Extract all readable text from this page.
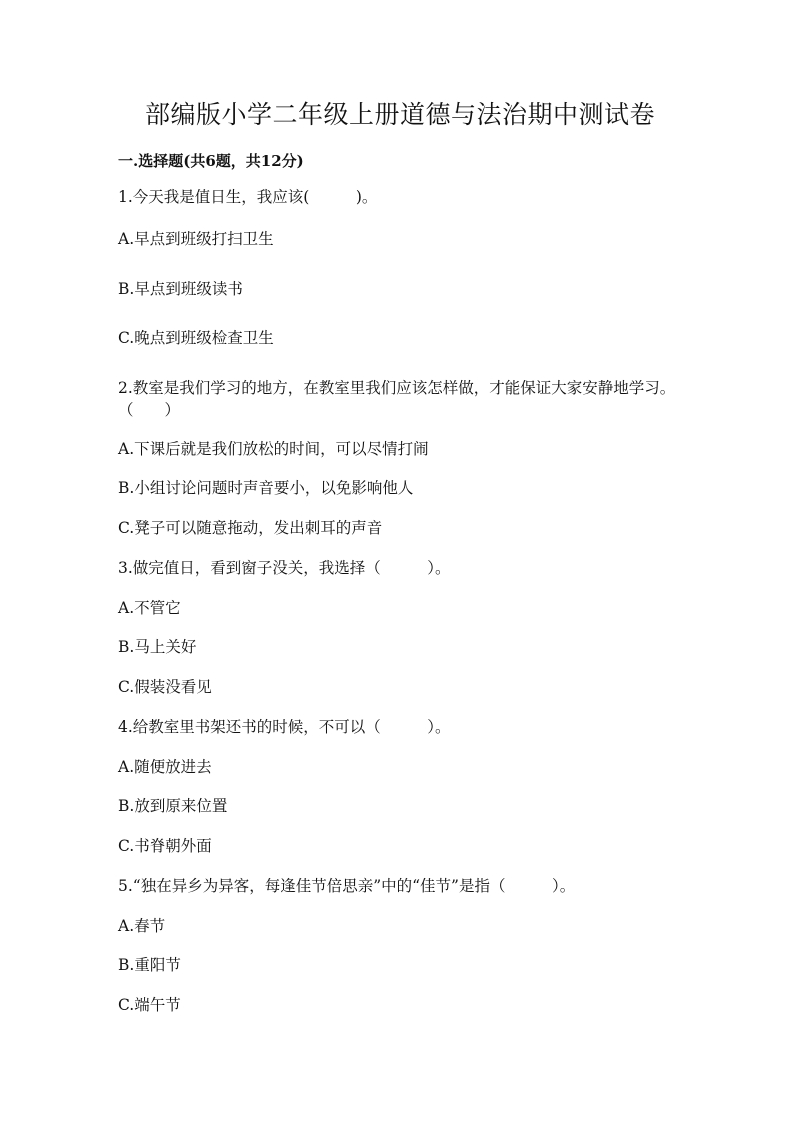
部编版小学二年级上册道德与法治期中测试卷
一.选择题(共6题，共12分)
1.今天我是值日生，我应该(　　　)。
A.早点到班级打扫卫生
B.早点到班级读书
C.晚点到班级检查卫生
2.教室是我们学习的地方，在教室里我们应该怎样做，才能保证大家安静地学习。（　　）
A.下课后就是我们放松的时间，可以尽情打闹
B.小组讨论问题时声音要小，以免影响他人
C.凳子可以随意拖动，发出刺耳的声音
3.做完值日，看到窗子没关，我选择（　　　）。
A.不管它
B.马上关好
C.假装没看见
4.给教室里书架还书的时候，不可以（　　　）。
A.随便放进去
B.放到原来位置
C.书脊朝外面
5.“独在异乡为异客，每逢佳节倍思亲”中的“佳节”是指（　　　）。
A.春节
B.重阳节
C.端午节
